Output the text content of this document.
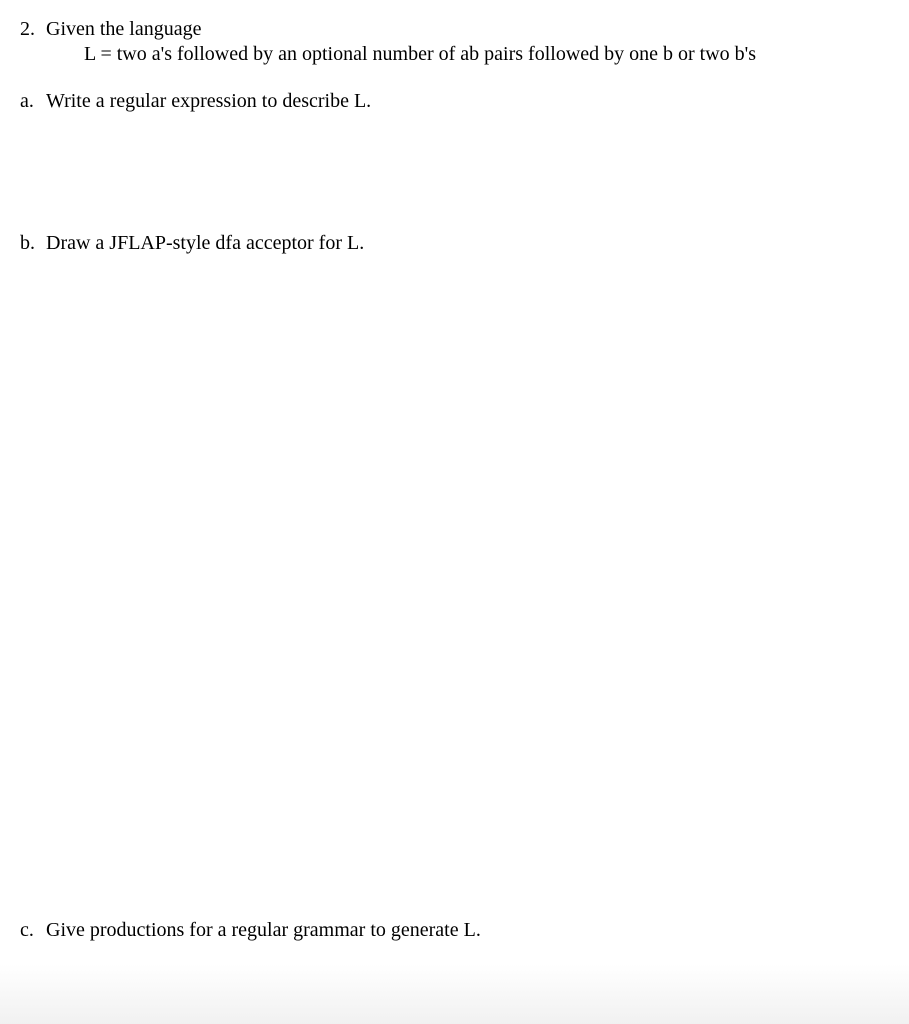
2. Given the language
L = two a's followed by an optional number of ab pairs followed by one b or two b's
a. Write a regular expression to describe L.
b. Draw a JFLAP-style dfa acceptor for L.
c. Give productions for a regular grammar to generate L.
